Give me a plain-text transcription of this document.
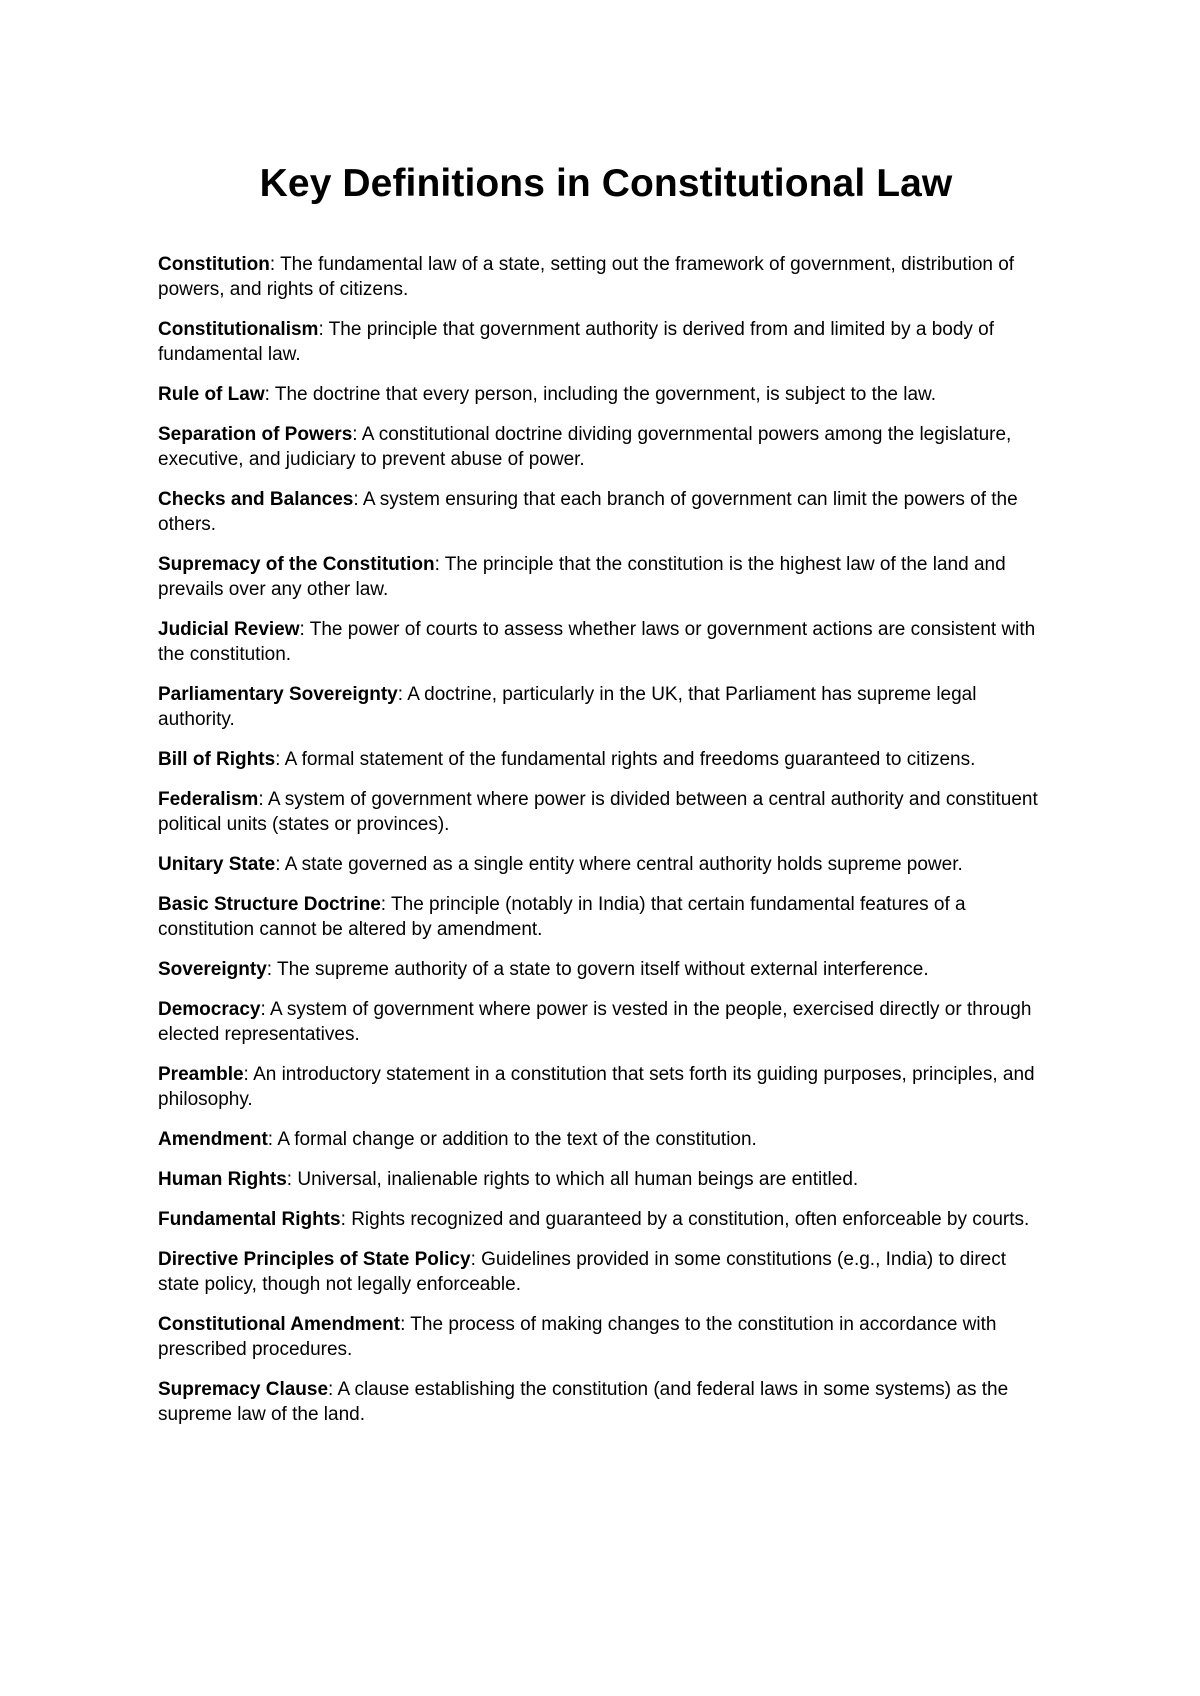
Key Definitions in Constitutional Law
Constitution: The fundamental law of a state, setting out the framework of government, distribution of powers, and rights of citizens.
Constitutionalism: The principle that government authority is derived from and limited by a body of fundamental law.
Rule of Law: The doctrine that every person, including the government, is subject to the law.
Separation of Powers: A constitutional doctrine dividing governmental powers among the legislature, executive, and judiciary to prevent abuse of power.
Checks and Balances: A system ensuring that each branch of government can limit the powers of the others.
Supremacy of the Constitution: The principle that the constitution is the highest law of the land and prevails over any other law.
Judicial Review: The power of courts to assess whether laws or government actions are consistent with the constitution.
Parliamentary Sovereignty: A doctrine, particularly in the UK, that Parliament has supreme legal authority.
Bill of Rights: A formal statement of the fundamental rights and freedoms guaranteed to citizens.
Federalism: A system of government where power is divided between a central authority and constituent political units (states or provinces).
Unitary State: A state governed as a single entity where central authority holds supreme power.
Basic Structure Doctrine: The principle (notably in India) that certain fundamental features of a constitution cannot be altered by amendment.
Sovereignty: The supreme authority of a state to govern itself without external interference.
Democracy: A system of government where power is vested in the people, exercised directly or through elected representatives.
Preamble: An introductory statement in a constitution that sets forth its guiding purposes, principles, and philosophy.
Amendment: A formal change or addition to the text of the constitution.
Human Rights: Universal, inalienable rights to which all human beings are entitled.
Fundamental Rights: Rights recognized and guaranteed by a constitution, often enforceable by courts.
Directive Principles of State Policy: Guidelines provided in some constitutions (e.g., India) to direct state policy, though not legally enforceable.
Constitutional Amendment: The process of making changes to the constitution in accordance with prescribed procedures.
Supremacy Clause: A clause establishing the constitution (and federal laws in some systems) as the supreme law of the land.
